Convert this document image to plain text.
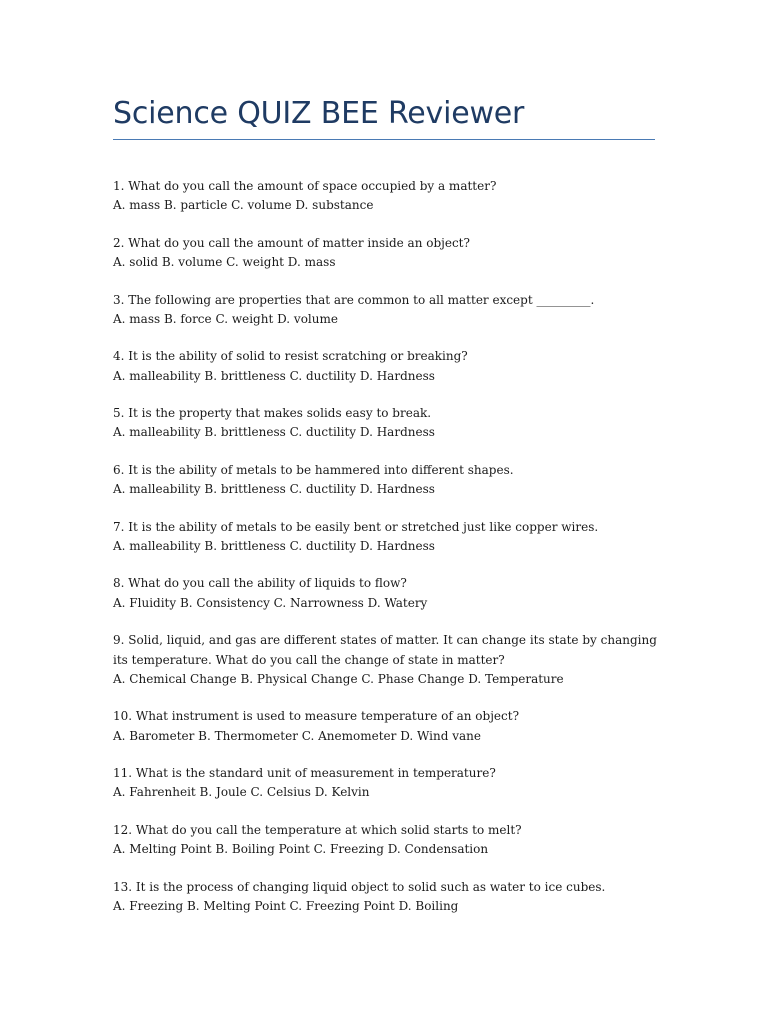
Science QUIZ BEE Reviewer
1. What do you call the amount of space occupied by a matter?
A. mass B. particle C. volume D. substance
2. What do you call the amount of matter inside an object?
A. solid B. volume C. weight D. mass
3. The following are properties that are common to all matter except _________.
A. mass B. force C. weight D. volume
4. It is the ability of solid to resist scratching or breaking?
A. malleability B. brittleness C. ductility D. Hardness
5. It is the property that makes solids easy to break.
A. malleability B. brittleness C. ductility D. Hardness
6. It is the ability of metals to be hammered into different shapes.
A. malleability B. brittleness C. ductility D. Hardness
7. It is the ability of metals to be easily bent or stretched just like copper wires.
A. malleability B. brittleness C. ductility D. Hardness
8. What do you call the ability of liquids to flow?
A. Fluidity B. Consistency C. Narrowness D. Watery
9. Solid, liquid, and gas are different states of matter. It can change its state by changing its temperature. What do you call the change of state in matter?
A. Chemical Change B. Physical Change C. Phase Change D. Temperature
10. What instrument is used to measure temperature of an object?
A. Barometer B. Thermometer C. Anemometer D. Wind vane
11. What is the standard unit of measurement in temperature?
A. Fahrenheit B. Joule C. Celsius D. Kelvin
12. What do you call the temperature at which solid starts to melt?
A. Melting Point B. Boiling Point C. Freezing D. Condensation
13. It is the process of changing liquid object to solid such as water to ice cubes.
A. Freezing B. Melting Point C. Freezing Point D. Boiling
